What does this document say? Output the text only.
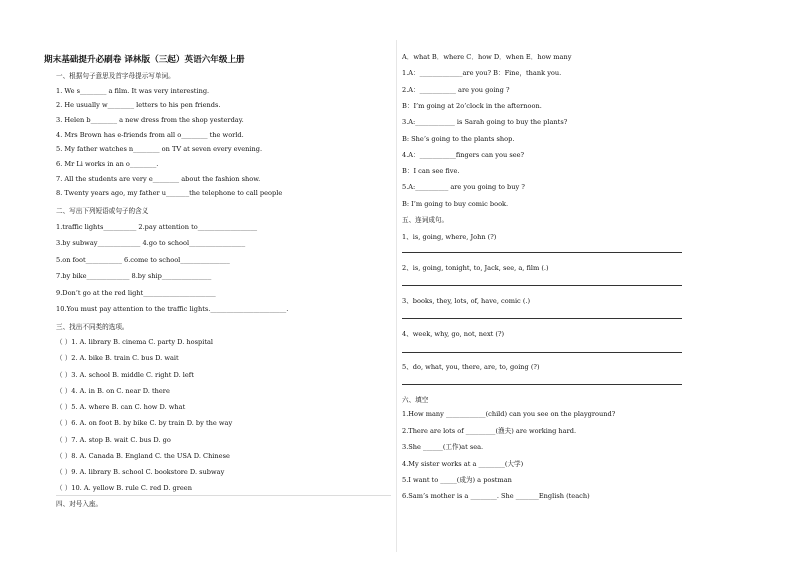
期末基础提升必刷卷 译林版（三起）英语六年级上册
一、根据句子意思及首字母提示写单词。
1. We s________ a film. It was very interesting.
2. He usually w________ letters to his pen friends.
3. Helen b________ a new dress from the shop yesterday.
4. Mrs Brown has e-friends from all o________ the world.
5. My father watches n________ on TV at seven every evening.
6. Mr Li works in an o________.
7. All the students are very e________ about the fashion show.
8. Twenty years ago, my father u_______the telephone to call people
二、写出下列短语或句子的含义
1.traffic lights__________ 2.pay attention to__________________
3.by subway_____________ 4.go to school_________________
5.on foot___________ 6.come to school_______________
7.by bike_____________ 8.by ship_______________
9.Don’t go at the red light______________________
10.You must pay attention to the traffic lights._______________________.
三、找出不同类的选项。
（ ）1. A. library B. cinema C. party D. hospital
（ ）2. A. bike B. train C. bus D. wait
（ ）3. A. school B. middle C. right D. left
（ ）4. A. in B. on C. near D. there
（ ）5. A. where B. can C. how D. what
（ ）6. A. on foot B. by bike C. by train D. by the way
（ ）7. A. stop B. wait C. bus D. go
（ ）8. A. Canada B. England C. the USA D. Chinese
（ ）9. A. library B. school C. bookstore D. subway
（ ）10. A. yellow B. rule C. red D. green
四、对号入座。
A．what B．where C．how D．when E．how many
1.A：_____________are you? B：Fine，thank you.
2.A：___________ are you going ?
B：I’m going at 2o’clock in the afternoon.
3.A:____________ is Sarah going to buy the plants?
B: She’s going to the plants shop.
4.A：___________fingers can you see?
B：I can see five.
5.A:__________ are you going to buy ?
B: I’m going to buy comic book.
五、连词成句。
1、is, going, where, John (?)
2、is, going, tonight, to, Jack, see, a, film (.)
3、books, they, lots, of, have, comic (.)
4、week, why, go, not, next (?)
5、do, what, you, there, are, to, going (?)
六、填空
1.How many ____________(child) can you see on the playground?
2.There are lots of _________(渔夫) are working hard.
3.She ______(工作)at sea.
4.My sister works at a ________(大学)
5.I want to _____(成为) a postman
6.Sam’s mother is a ________. She _______English (teach)
